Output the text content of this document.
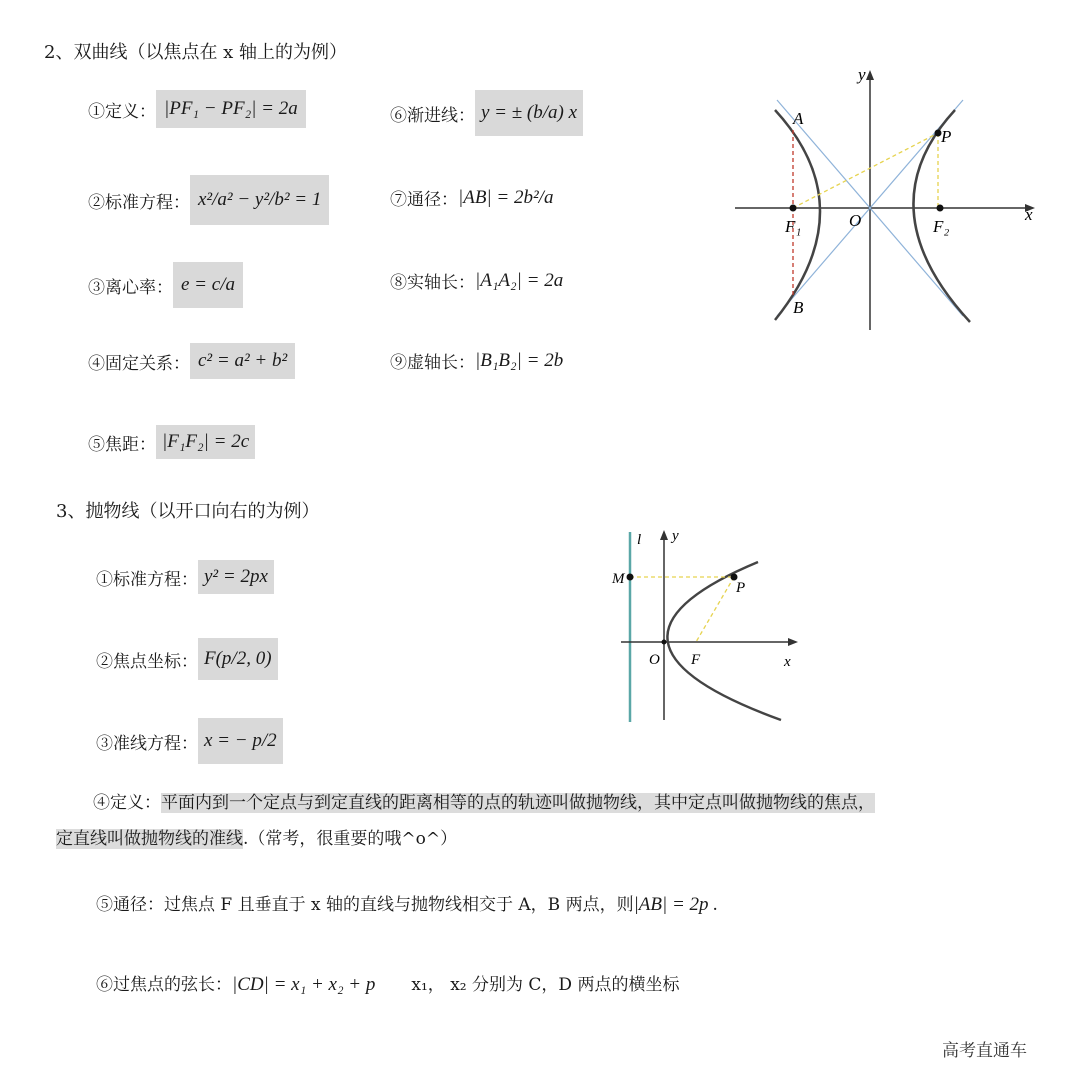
2、双曲线（以焦点在 x 轴上的为例）
①定义： |PF₁ − PF₂| = 2a
②标准方程： x²/a² − y²/b² = 1
③离心率： e = c/a
④固定关系： c² = a² + b²
⑤焦距： |F₁F₂| = 2c
⑥渐进线： y = ± (b/a) x
⑦通径： |AB| = 2b²/a
⑧实轴长： |A₁A₂| = 2a
⑨虚轴长： |B₁B₂| = 2b
y
x
A
B
P
F₁	F₂
O
3、抛物线（以开口向右的为例）
①标准方程： y² = 2px
②焦点坐标： F(p/2, 0)
③准线方程： x = − p/2
l y
M
P
O F	x
④定义：平面内到一个定点与到定直线的距离相等的点的轨迹叫做抛物线，其中定点叫做抛物线的焦点，
定直线叫做抛物线的准线.（常考，很重要的哦^o^）
⑤通径： 过焦点 F 且垂直于 x 轴的直线与抛物线相交于 A，B 两点，则 |AB| = 2p .
⑥过焦点的弦长： |CD| = x₁ + x₂ + p x₁， x₂ 分别为 C，D 两点的横坐标
高考直通车
